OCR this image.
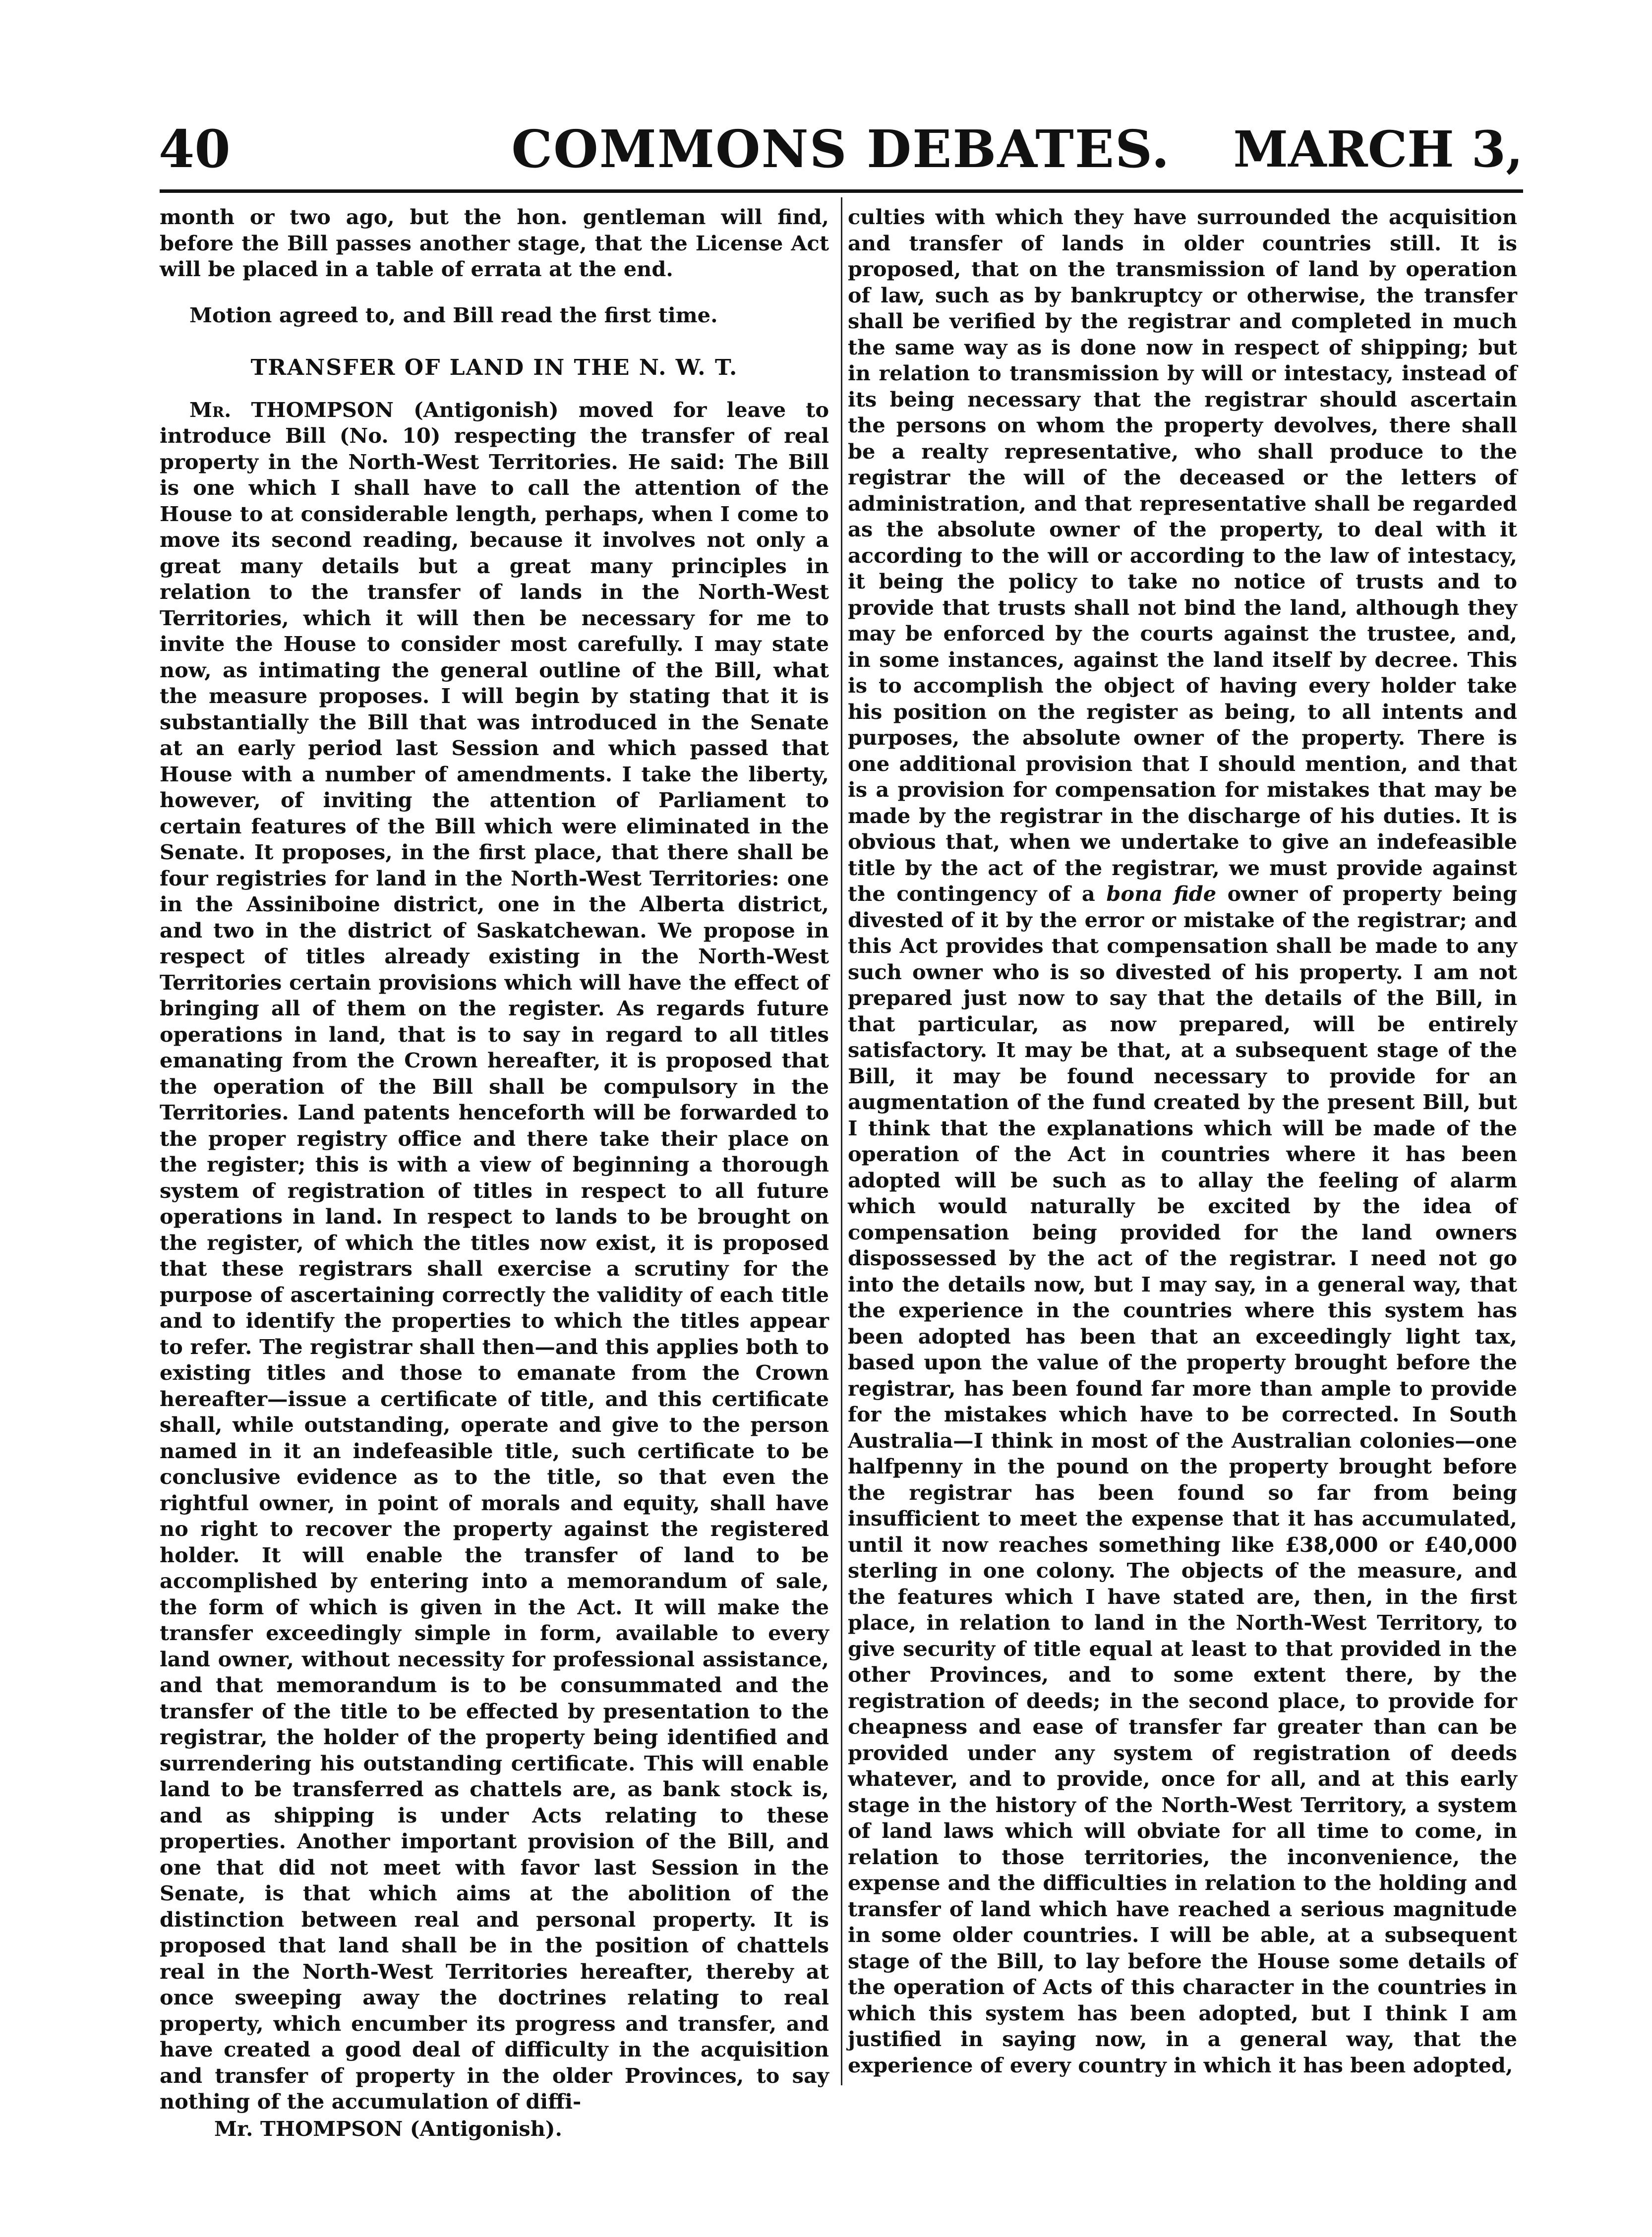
40	COMMONS DEBATES.	MARCH 3,

month or two ago, but the hon. gentleman will find, before the Bill passes another stage, that the License Act will be placed in a table of errata at the end.

Motion agreed to, and Bill read the first time.

TRANSFER OF LAND IN THE N. W. T.

Mr. THOMPSON (Antigonish) moved for leave to introduce Bill (No. 10) respecting the transfer of real property in the North-West Territories. He said: The Bill is one which I shall have to call the attention of the House to at considerable length, perhaps, when I come to move its second reading, because it involves not only a great many details but a great many principles in relation to the transfer of lands in the North-West Territories, which it will then be necessary for me to invite the House to consider most carefully. I may state now, as intimating the general outline of the Bill, what the measure proposes. I will begin by stating that it is substantially the Bill that was introduced in the Senate at an early period last Session and which passed that House with a number of amendments. I take the liberty, however, of inviting the attention of Parliament to certain features of the Bill which were eliminated in the Senate. It proposes, in the first place, that there shall be four registries for land in the North-West Territories: one in the Assiniboine district, one in the Alberta district, and two in the district of Saskatchewan. We propose in respect of titles already existing in the North-West Territories certain provisions which will have the effect of bringing all of them on the register. As regards future operations in land, that is to say in regard to all titles emanating from the Crown hereafter, it is proposed that the operation of the Bill shall be compulsory in the Territories. Land patents henceforth will be forwarded to the proper registry office and there take their place on the register; this is with a view of beginning a thorough system of registration of titles in respect to all future operations in land. In respect to lands to be brought on the register, of which the titles now exist, it is proposed that these registrars shall exercise a scrutiny for the purpose of ascertaining correctly the validity of each title and to identify the properties to which the titles appear to refer. The registrar shall then—and this applies both to existing titles and those to emanate from the Crown hereafter—issue a certificate of title, and this certificate shall, while outstanding, operate and give to the person named in it an indefeasible title, such certificate to be conclusive evidence as to the title, so that even the rightful owner, in point of morals and equity, shall have no right to recover the property against the registered holder. It will enable the transfer of land to be accomplished by entering into a memorandum of sale, the form of which is given in the Act. It will make the transfer exceedingly simple in form, available to every land owner, without necessity for professional assistance, and that memorandum is to be consummated and the transfer of the title to be effected by presentation to the registrar, the holder of the property being identified and surrendering his outstanding certificate. This will enable land to be transferred as chattels are, as bank stock is, and as shipping is under Acts relating to these properties. Another important provision of the Bill, and one that did not meet with favor last Session in the Senate, is that which aims at the abolition of the distinction between real and personal property. It is proposed that land shall be in the position of chattels real in the North-West Territories hereafter, thereby at once sweeping away the doctrines relating to real property, which encumber its progress and transfer, and have created a good deal of difficulty in the acquisition and transfer of property in the older Provinces, to say nothing of the accumulation of diffi-

Mr. THOMPSON (Antigonish).

culties with which they have surrounded the acquisition and transfer of lands in older countries still. It is proposed, that on the transmission of land by operation of law, such as by bankruptcy or otherwise, the transfer shall be verified by the registrar and completed in much the same way as is done now in respect of shipping; but in relation to transmission by will or intestacy, instead of its being necessary that the registrar should ascertain the persons on whom the property devolves, there shall be a realty representative, who shall produce to the registrar the will of the deceased or the letters of administration, and that representative shall be regarded as the absolute owner of the property, to deal with it according to the will or according to the law of intestacy, it being the policy to take no notice of trusts and to provide that trusts shall not bind the land, although they may be enforced by the courts against the trustee, and, in some instances, against the land itself by decree. This is to accomplish the object of having every holder take his position on the register as being, to all intents and purposes, the absolute owner of the property. There is one additional provision that I should mention, and that is a provision for compensation for mistakes that may be made by the registrar in the discharge of his duties. It is obvious that, when we undertake to give an indefeasible title by the act of the registrar, we must provide against the contingency of a bona fide owner of property being divested of it by the error or mistake of the registrar; and this Act provides that compensation shall be made to any such owner who is so divested of his property. I am not prepared just now to say that the details of the Bill, in that particular, as now prepared, will be entirely satisfactory. It may be that, at a subsequent stage of the Bill, it may be found necessary to provide for an augmentation of the fund created by the present Bill, but I think that the explanations which will be made of the operation of the Act in countries where it has been adopted will be such as to allay the feeling of alarm which would naturally be excited by the idea of compensation being provided for the land owners dispossessed by the act of the registrar. I need not go into the details now, but I may say, in a general way, that the experience in the countries where this system has been adopted has been that an exceedingly light tax, based upon the value of the property brought before the registrar, has been found far more than ample to provide for the mistakes which have to be corrected. In South Australia—I think in most of the Australian colonies—one halfpenny in the pound on the property brought before the registrar has been found so far from being insufficient to meet the expense that it has accumulated, until it now reaches something like £38,000 or £40,000 sterling in one colony. The objects of the measure, and the features which I have stated are, then, in the first place, in relation to land in the North-West Territory, to give security of title equal at least to that provided in the other Provinces, and to some extent there, by the registration of deeds; in the second place, to provide for cheapness and ease of transfer far greater than can be provided under any system of registration of deeds whatever, and to provide, once for all, and at this early stage in the history of the North-West Territory, a system of land laws which will obviate for all time to come, in relation to those territories, the inconvenience, the expense and the difficulties in relation to the holding and transfer of land which have reached a serious magnitude in some older countries. I will be able, at a subsequent stage of the Bill, to lay before the House some details of the operation of Acts of this character in the countries in which this system has been adopted, but I think I am justified in saying now, in a general way, that the experience of every country in which it has been adopted,
